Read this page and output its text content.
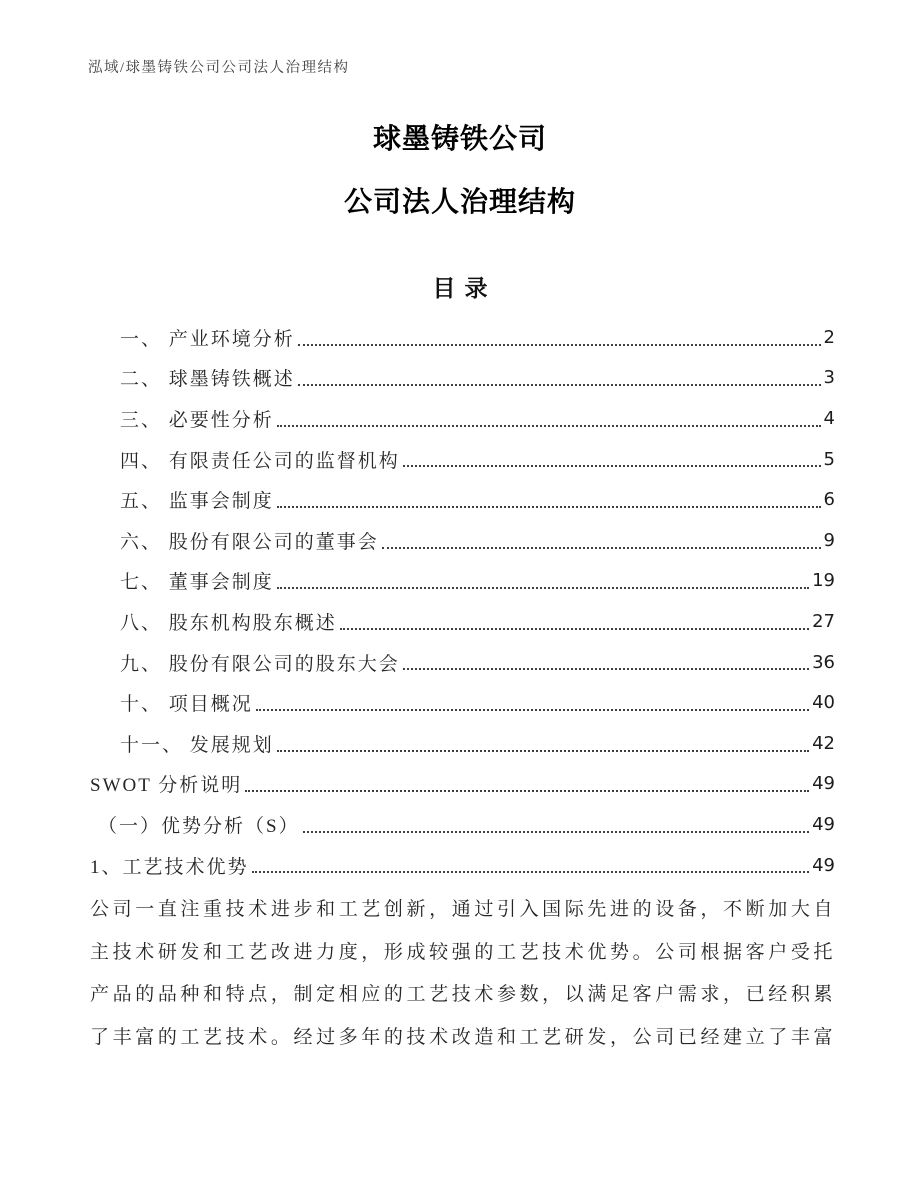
泓域/球墨铸铁公司公司法人治理结构
球墨铸铁公司
公司法人治理结构
目录
一、 产业环境分析	2
二、 球墨铸铁概述	3
三、 必要性分析	4
四、 有限责任公司的监督机构	5
五、 监事会制度	6
六、 股份有限公司的董事会	9
七、 董事会制度	19
八、 股东机构股东概述	27
九、 股份有限公司的股东大会	36
十、 项目概况	40
十一、 发展规划	42
SWOT 分析说明	49
（一）优势分析（S）	49
1、工艺技术优势	49
公司一直注重技术进步和工艺创新，通过引入国际先进的设备，不断加大自
主技术研发和工艺改进力度，形成较强的工艺技术优势。公司根据客户受托
产品的品种和特点，制定相应的工艺技术参数，以满足客户需求，已经积累
了丰富的工艺技术。经过多年的技术改造和工艺研发，公司已经建立了丰富
